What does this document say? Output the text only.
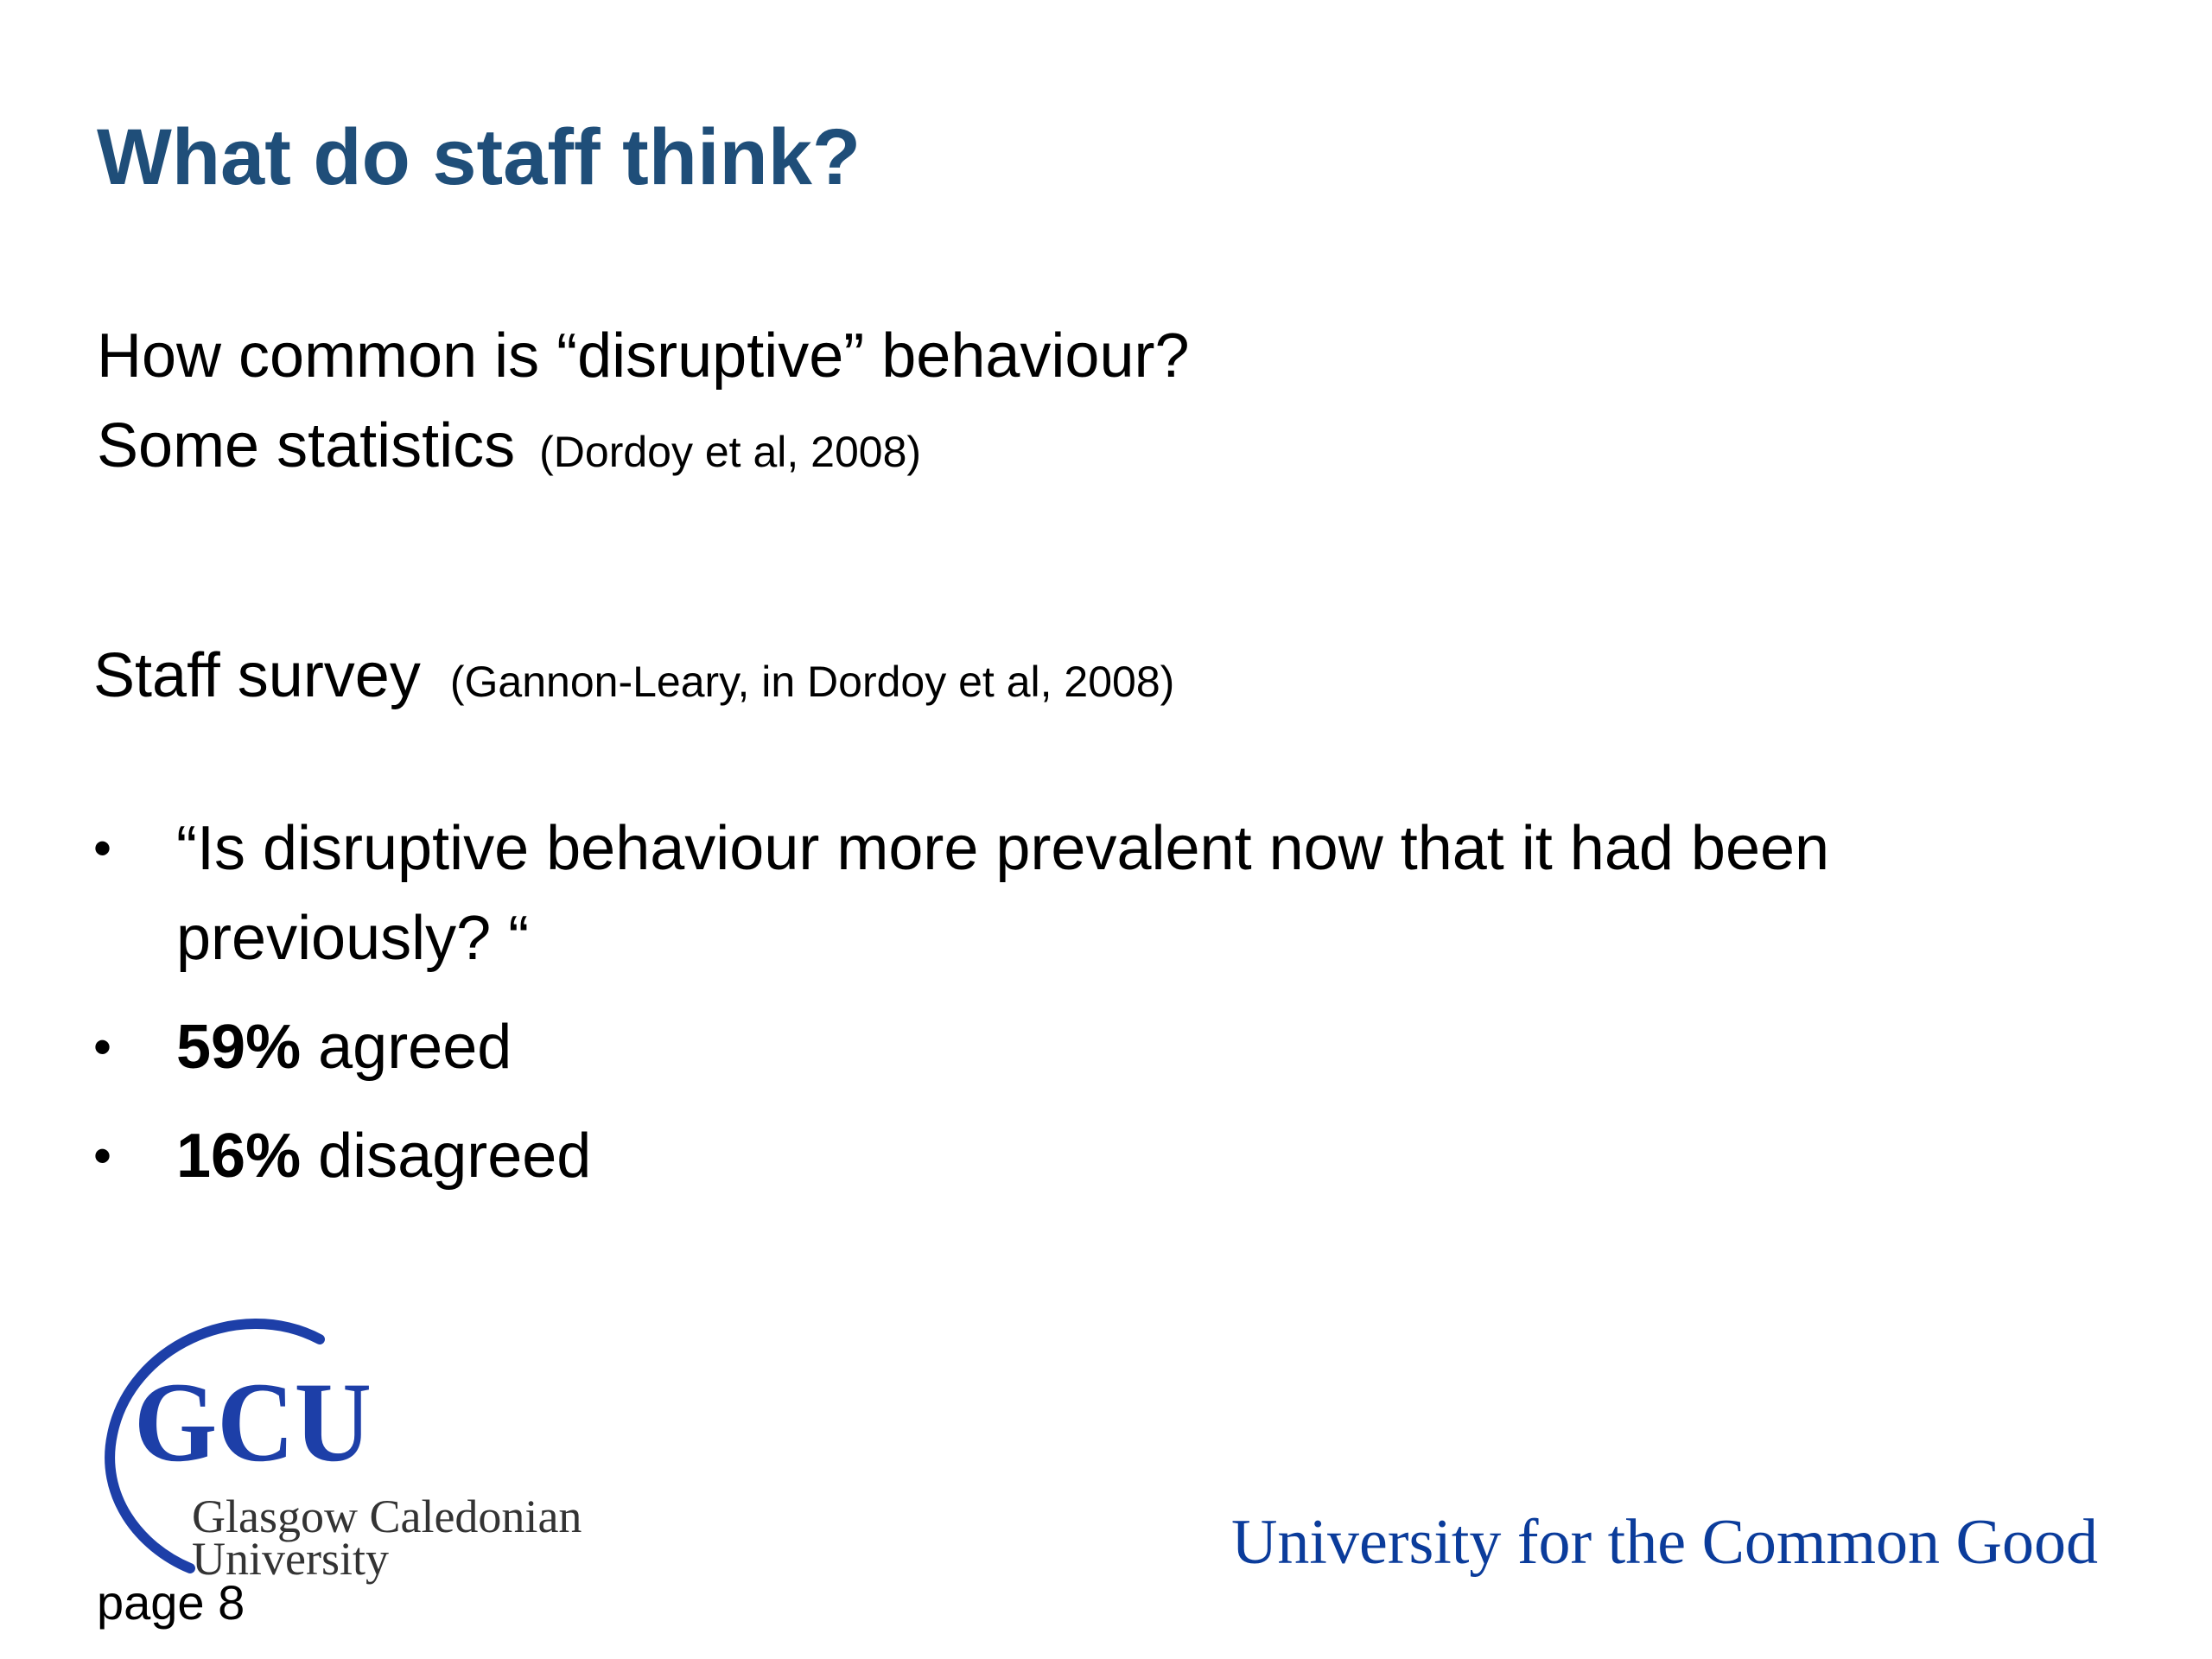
What do staff think?
How common is “disruptive” behaviour?
Some statistics (Dordoy et al, 2008)
Staff survey (Gannon-Leary, in Dordoy et al, 2008)
• “Is disruptive behaviour more prevalent now that it had been previously? “
• 59% agreed
• 16% disagreed
GCU
Glasgow Caledonian
University
page 8
University for the Common Good
